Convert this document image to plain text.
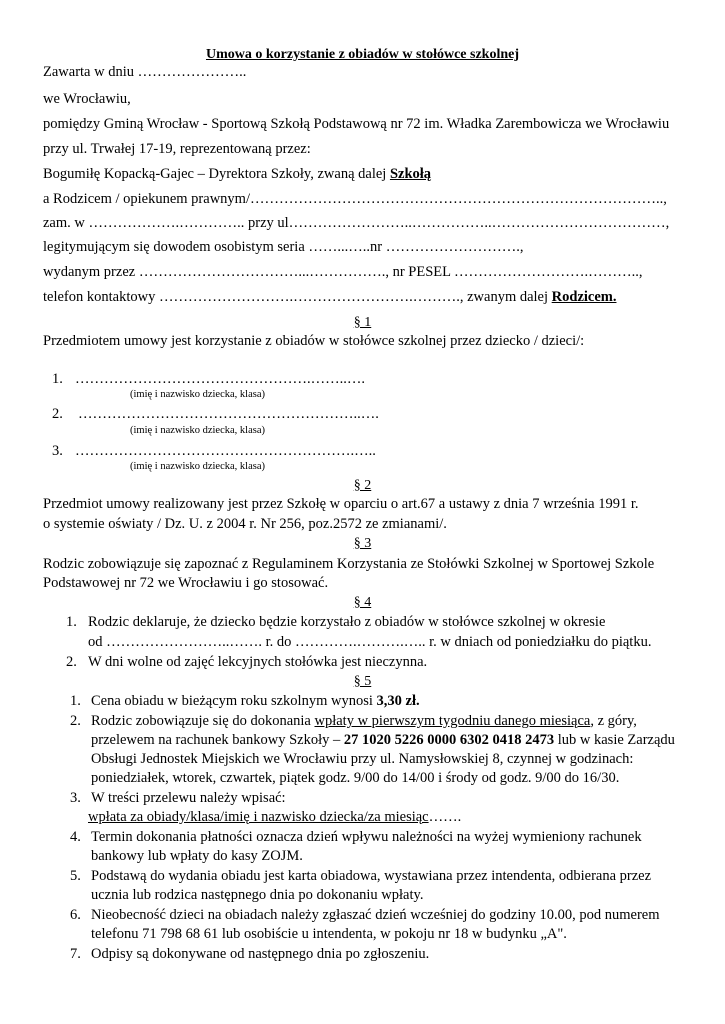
Umowa o korzystanie z obiadów w stołówce szkolnej
Zawarta w dniu …………………..
we Wrocławiu,
pomiędzy Gminą Wrocław - Sportową Szkołą Podstawową nr 72 im. Władka Zarembowicza we Wrocławiu
przy ul. Trwałej 17-19, reprezentowaną przez:
Bogumiłę Kopacką-Gajec – Dyrektora Szkoły, zwaną dalej Szkołą
a Rodzicem / opiekunem prawnym/…………………………………………………………………………..,
zam. w ……………….………….. przy ul……………………..……………..………………………………,
legitymującym się dowodem osobistym seria ……...…..nr ……………………….,
wydanym przez ……………………………...……………., nr PESEL ……………………….………..,
telefon kontaktowy ……………………….…………………….………., zwanym dalej Rodzicem.
§ 1
Przedmiotem umowy jest korzystanie z obiadów w stołówce szkolnej przez dziecko / dzieci/:
1. ………………………………………….……..….
(imię i nazwisko dziecka, klasa)
2. …………………………………………………..….
(imię i nazwisko dziecka, klasa)
3. ………………………………………………….…..
(imię i nazwisko dziecka, klasa)
§ 2
Przedmiot umowy realizowany jest przez Szkołę w oparciu o art.67 a ustawy z dnia 7 września 1991 r.
o systemie oświaty / Dz. U. z 2004 r. Nr 256, poz.2572 ze zmianami/.
§ 3
Rodzic zobowiązuje się zapoznać z Regulaminem Korzystania ze Stołówki Szkolnej w Sportowej Szkole
Podstawowej nr 72 we Wrocławiu i go stosować.
§ 4
1. Rodzic deklaruje, że dziecko będzie korzystało z obiadów w stołówce szkolnej w okresie
od ……………………..……. r. do ………….……….….. r. w dniach od poniedziałku do piątku.
2. W dni wolne od zajęć lekcyjnych stołówka jest nieczynna.
§ 5
1. Cena obiadu w bieżącym roku szkolnym wynosi 3,30 zł.
2. Rodzic zobowiązuje się do dokonania wpłaty w pierwszym tygodniu danego miesiąca, z góry,
przelewem na rachunek bankowy Szkoły – 27 1020 5226 0000 6302 0418 2473 lub w kasie Zarządu
Obsługi Jednostek Miejskich we Wrocławiu przy ul. Namysłowskiej 8, czynnej w godzinach:
poniedziałek, wtorek, czwartek, piątek godz. 9/00 do 14/00 i środy od godz. 9/00 do 16/30.
3. W treści przelewu należy wpisać:
wpłata za obiady/klasa/imię i nazwisko dziecka/za miesiąc…….
4. Termin dokonania płatności oznacza dzień wpływu należności na wyżej wymieniony rachunek
bankowy lub wpłaty do kasy ZOJM.
5. Podstawą do wydania obiadu jest karta obiadowa, wystawiana przez intendenta, odbierana przez
ucznia lub rodzica następnego dnia po dokonaniu wpłaty.
6. Nieobecność dzieci na obiadach należy zgłaszać dzień wcześniej do godziny 10.00, pod numerem
telefonu 71 798 68 61 lub osobiście u intendenta, w pokoju nr 18 w budynku „A".
7. Odpisy są dokonywane od następnego dnia po zgłoszeniu.
